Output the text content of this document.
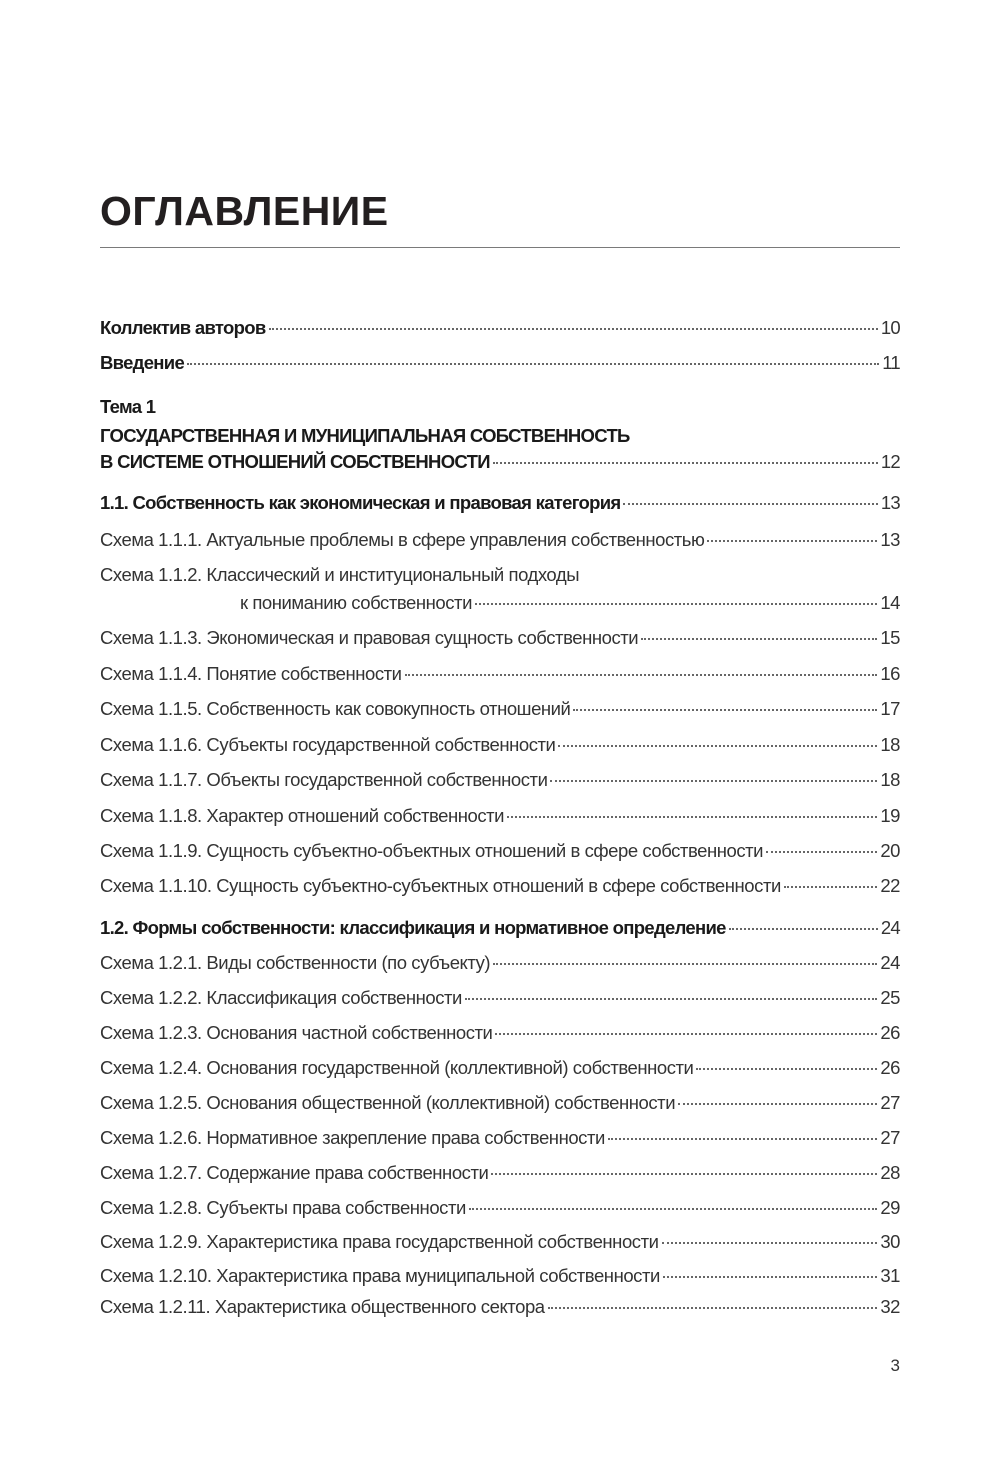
ОГЛАВЛЕНИЕ
Коллектив авторов	10
Введение	11
Тема 1
ГОСУДАРСТВЕННАЯ И МУНИЦИПАЛЬНАЯ СОБСТВЕННОСТЬ
В СИСТЕМЕ ОТНОШЕНИЙ СОБСТВЕННОСТИ	12
1.1. Собственность как экономическая и правовая категория	13
Схема 1.1.1. Актуальные проблемы в сфере управления собственностью	13
Схема 1.1.2. Классический и институциональный подходы
к пониманию собственности	14
Схема 1.1.3. Экономическая и правовая сущность собственности	15
Схема 1.1.4. Понятие собственности	16
Схема 1.1.5. Собственность как совокупность отношений	17
Схема 1.1.6. Субъекты государственной собственности	18
Схема 1.1.7. Объекты государственной собственности	18
Схема 1.1.8. Характер отношений собственности	19
Схема 1.1.9. Сущность субъектно-объектных отношений в сфере собственности	20
Схема 1.1.10. Сущность субъектно-субъектных отношений в сфере собственности	22
1.2. Формы собственности: классификация и нормативное определение	24
Схема 1.2.1. Виды собственности (по субъекту)	24
Схема 1.2.2. Классификация собственности	25
Схема 1.2.3. Основания частной собственности	26
Схема 1.2.4. Основания государственной (коллективной) собственности	26
Схема 1.2.5. Основания общественной (коллективной) собственности	27
Схема 1.2.6. Нормативное закрепление права собственности	27
Схема 1.2.7. Содержание права собственности	28
Схема 1.2.8. Субъекты права собственности	29
Схема 1.2.9. Характеристика права государственной собственности	30
Схема 1.2.10. Характеристика права муниципальной собственности	31
Схема 1.2.11. Характеристика общественного сектора	32
3
